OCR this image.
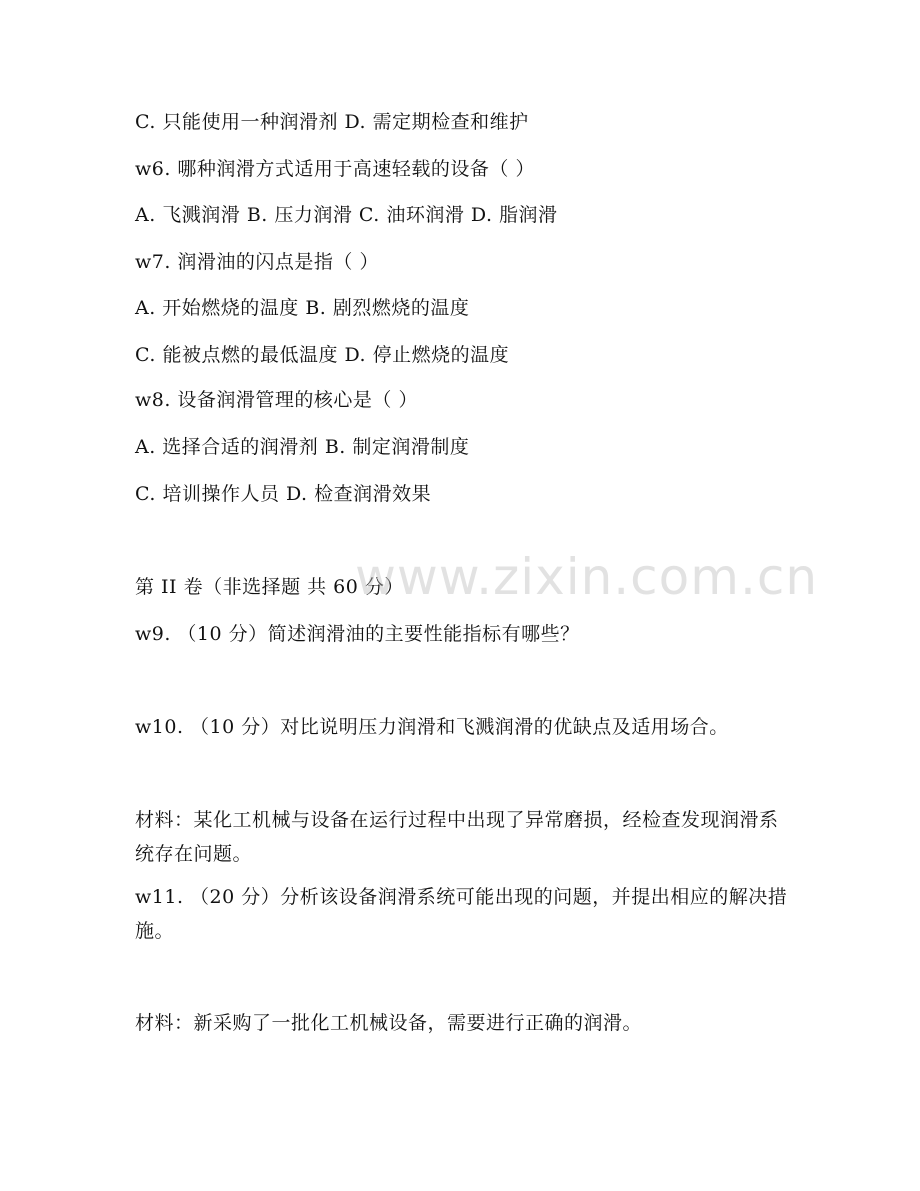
C. 只能使用一种润滑剂 D. 需定期检查和维护
w6. 哪种润滑方式适用于高速轻载的设备（ ）
A. 飞溅润滑 B. 压力润滑 C. 油环润滑 D. 脂润滑
w7. 润滑油的闪点是指（ ）
A. 开始燃烧的温度 B. 剧烈燃烧的温度
C. 能被点燃的最低温度 D. 停止燃烧的温度
w8. 设备润滑管理的核心是（ ）
A. 选择合适的润滑剂 B. 制定润滑制度
C. 培训操作人员 D. 检查润滑效果
第 II 卷（非选择题 共 60 分）
w9. （10 分）简述润滑油的主要性能指标有哪些？
w10. （10 分）对比说明压力润滑和飞溅润滑的优缺点及适用场合。
材料：某化工机械与设备在运行过程中出现了异常磨损，经检查发现润滑系统存在问题。
w11. （20 分）分析该设备润滑系统可能出现的问题，并提出相应的解决措施。
材料：新采购了一批化工机械设备，需要进行正确的润滑。
www.zixin.com.cn
